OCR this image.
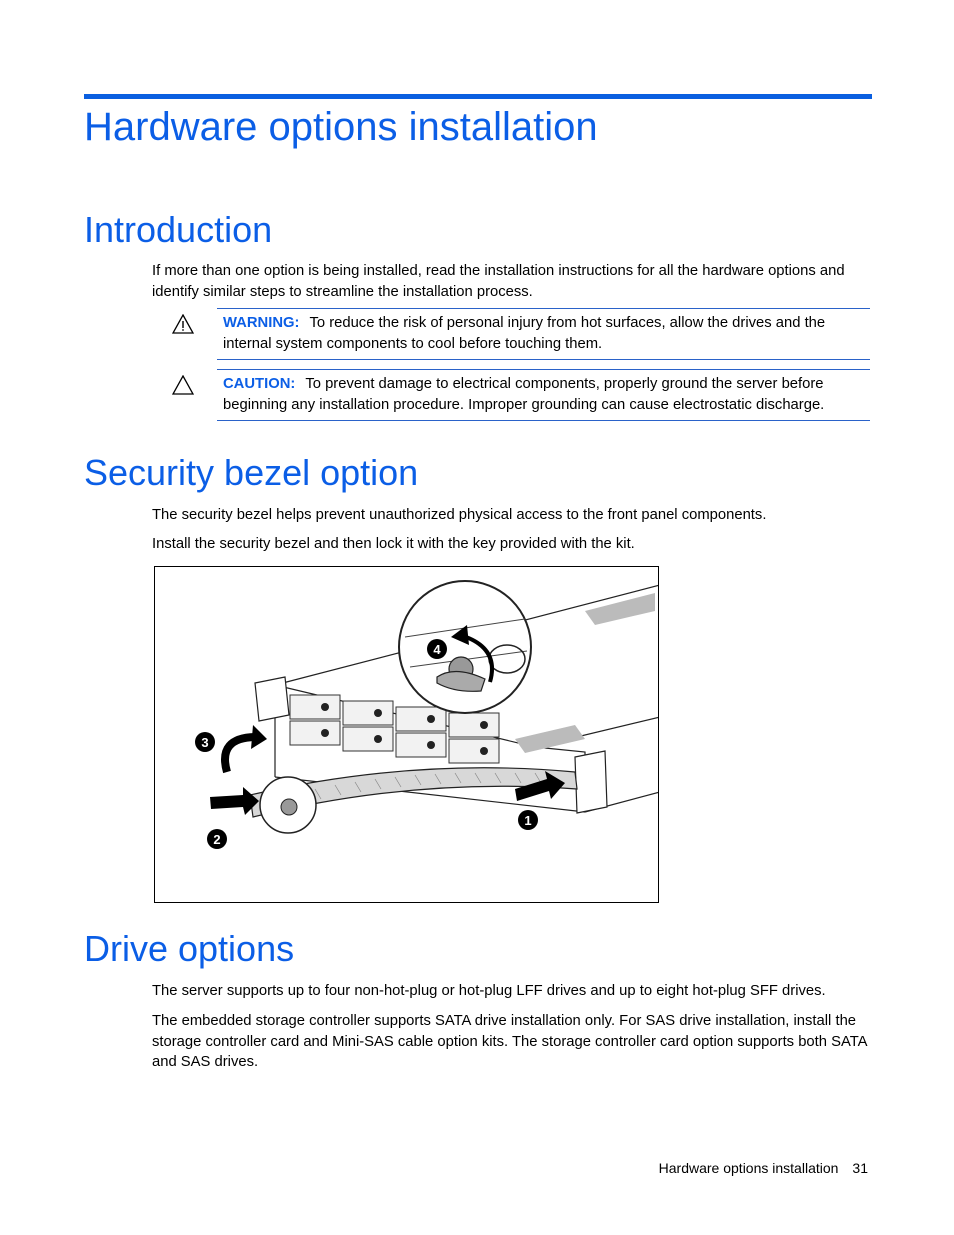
Hardware options installation
Introduction

If more than one option is being installed, read the installation instructions for all the hardware options and identify similar steps to streamline the installation process.

WARNING: To reduce the risk of personal injury from hot surfaces, allow the drives and the internal system components to cool before touching them.
CAUTION: To prevent damage to electrical components, properly ground the server before beginning any installation procedure. Improper grounding can cause electrostatic discharge.
Security bezel option

The security bezel helps prevent unauthorized physical access to the front panel components.

Install the security bezel and then lock it with the key provided with the kit.

4
3
2
1
Drive options

The server supports up to four non-hot-plug or hot-plug LFF drives and up to eight hot-plug SFF drives.

The embedded storage controller supports SATA drive installation only. For SAS drive installation, install the storage controller card and Mini-SAS cable option kits. The storage controller card option supports both SATA and SAS drives.

Hardware options installation 31
